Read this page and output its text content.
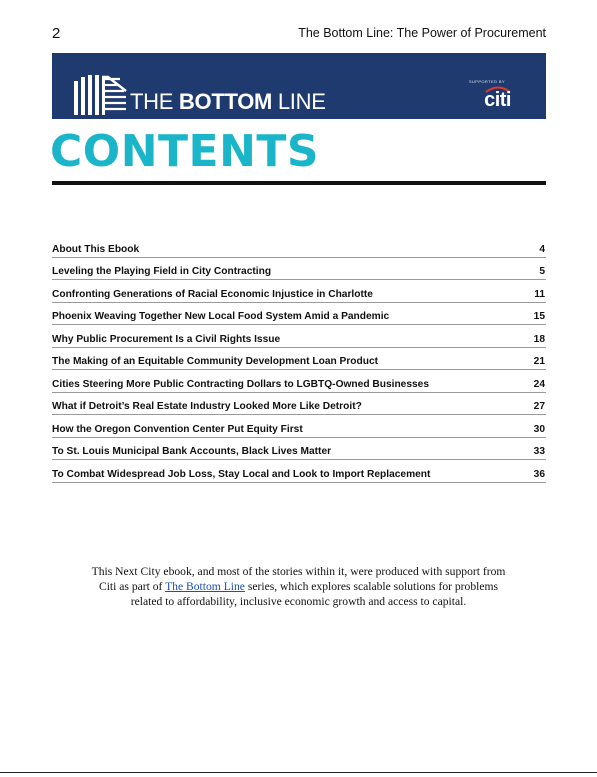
2	The Bottom Line: The Power of Procurement
THE BOTTOM LINE
SUPPORTED BY
citi
CONTENTS
About This Ebook	4
Leveling the Playing Field in City Contracting	5
Confronting Generations of Racial Economic Injustice in Charlotte	11
Phoenix Weaving Together New Local Food System Amid a Pandemic	15
Why Public Procurement Is a Civil Rights Issue	18
The Making of an Equitable Community Development Loan Product	21
Cities Steering More Public Contracting Dollars to LGBTQ-Owned Businesses	24
What if Detroit’s Real Estate Industry Looked More Like Detroit?	27
How the Oregon Convention Center Put Equity First	30
To St. Louis Municipal Bank Accounts, Black Lives Matter	33
To Combat Widespread Job Loss, Stay Local and Look to Import Replacement	36
This Next City ebook, and most of the stories within it, were produced with support from Citi as part of The Bottom Line series, which explores scalable solutions for problems related to affordability, inclusive economic growth and access to capital.
